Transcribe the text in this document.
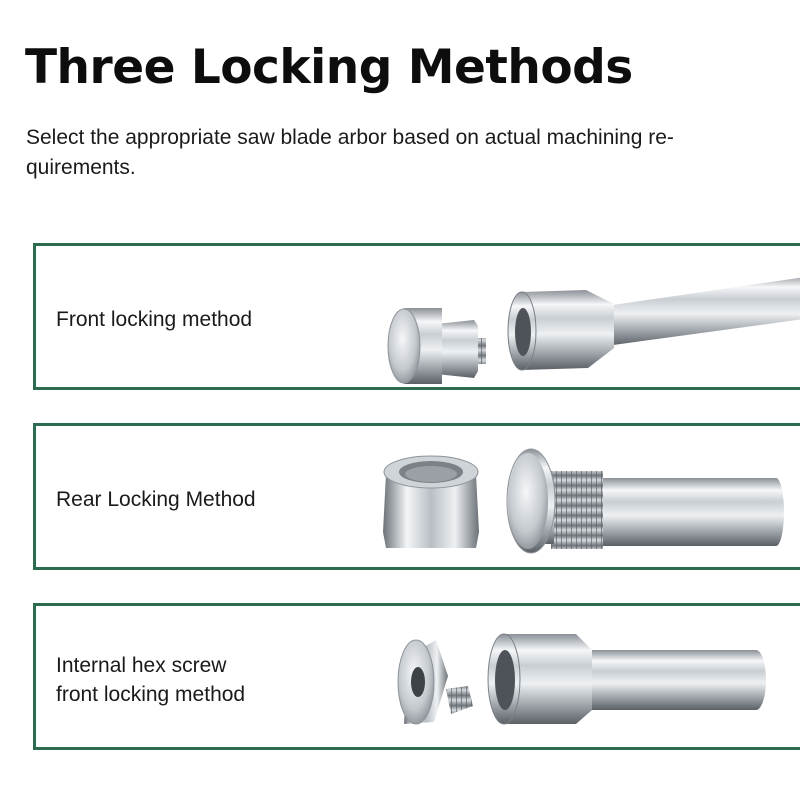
Three Locking Methods
Select the appropriate saw blade arbor based on actual machining re-
quirements.
Front locking method
Rear Locking Method
Internal hex screw
front locking method
